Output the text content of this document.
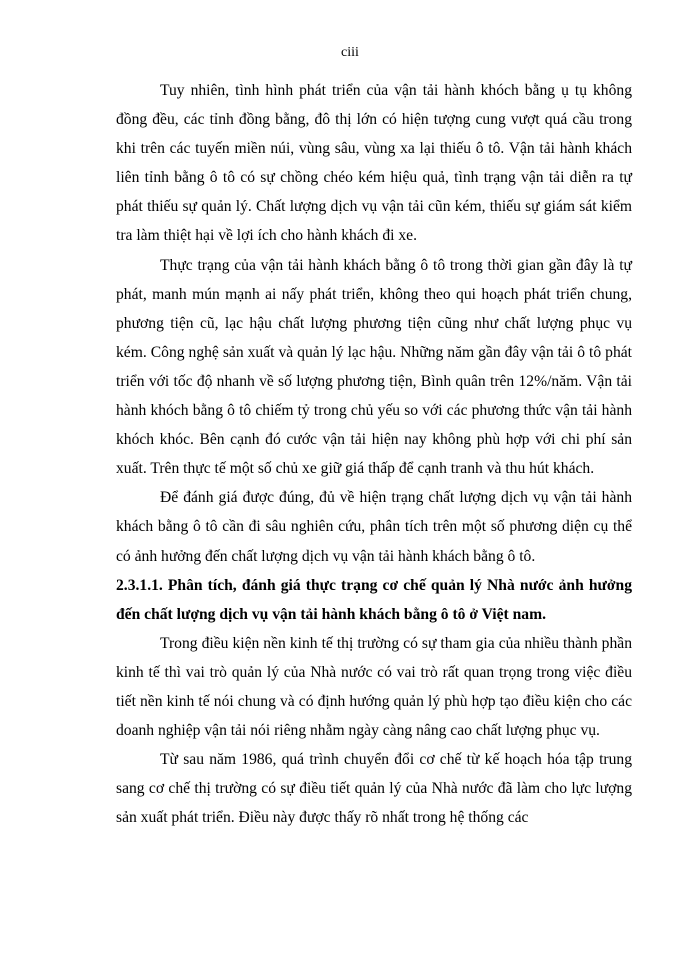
ciii

Tuy nhiên, tình hình phát triển của vận tải hành khóch bằng ụ tụ không đồng đều, các tỉnh đồng bằng, đô thị lớn có hiện tượng cung vượt quá cầu trong khi trên các tuyến miền núi, vùng sâu, vùng xa lại thiếu ô tô. Vận tải hành khách liên tỉnh bằng ô tô có sự chồng chéo kém hiệu quả, tình trạng vận tải diễn ra tự phát thiếu sự quản lý. Chất lượng dịch vụ vận tải cũn kém, thiếu sự giám sát kiểm tra làm thiệt hại về lợi ích cho hành khách đi xe.

Thực trạng của vận tải hành khách bằng ô tô trong thời gian gần đây là tự phát, manh mún mạnh ai nấy phát triển, không theo qui hoạch phát triển chung, phương tiện cũ, lạc hậu chất lượng phương tiện cũng như chất lượng phục vụ kém. Công nghệ sản xuất và quản lý lạc hậu. Những năm gần đây vận tải ô tô phát triển với tốc độ nhanh về số lượng phương tiện, Bình quân trên 12%/năm. Vận tải hành khóch bằng ô tô chiếm tỷ trong chủ yếu so với các phương thức vận tải hành khóch khóc. Bên cạnh đó cước vận tải hiện nay không phù hợp với chi phí sản xuất. Trên thực tế một số chủ xe giữ giá thấp để cạnh tranh và thu hút khách.

Để đánh giá được đúng, đủ về hiện trạng chất lượng dịch vụ vận tải hành khách bằng ô tô cần đi sâu nghiên cứu, phân tích trên một số phương diện cụ thể có ảnh hưởng đến chất lượng dịch vụ vận tải hành khách bằng ô tô.

2.3.1.1. Phân tích, đánh giá thực trạng cơ chế quản lý Nhà nước ảnh hưởng đến chất lượng dịch vụ vận tải hành khách bằng ô tô ở Việt nam.

Trong điều kiện nền kinh tế thị trường có sự tham gia của nhiều thành phần kinh tế thì vai trò quản lý của Nhà nước có vai trò rất quan trọng trong việc điều tiết nền kinh tế nói chung và có định hướng quản lý phù hợp tạo điều kiện cho các doanh nghiệp vận tải nói riêng nhằm ngày càng nâng cao chất lượng phục vụ.

Từ sau năm 1986, quá trình chuyển đổi cơ chế từ kế hoạch hóa tập trung sang cơ chế thị trường có sự điều tiết quản lý của Nhà nước đã làm cho lực lượng sản xuất phát triển. Điều này được thấy rõ nhất trong hệ thống các
